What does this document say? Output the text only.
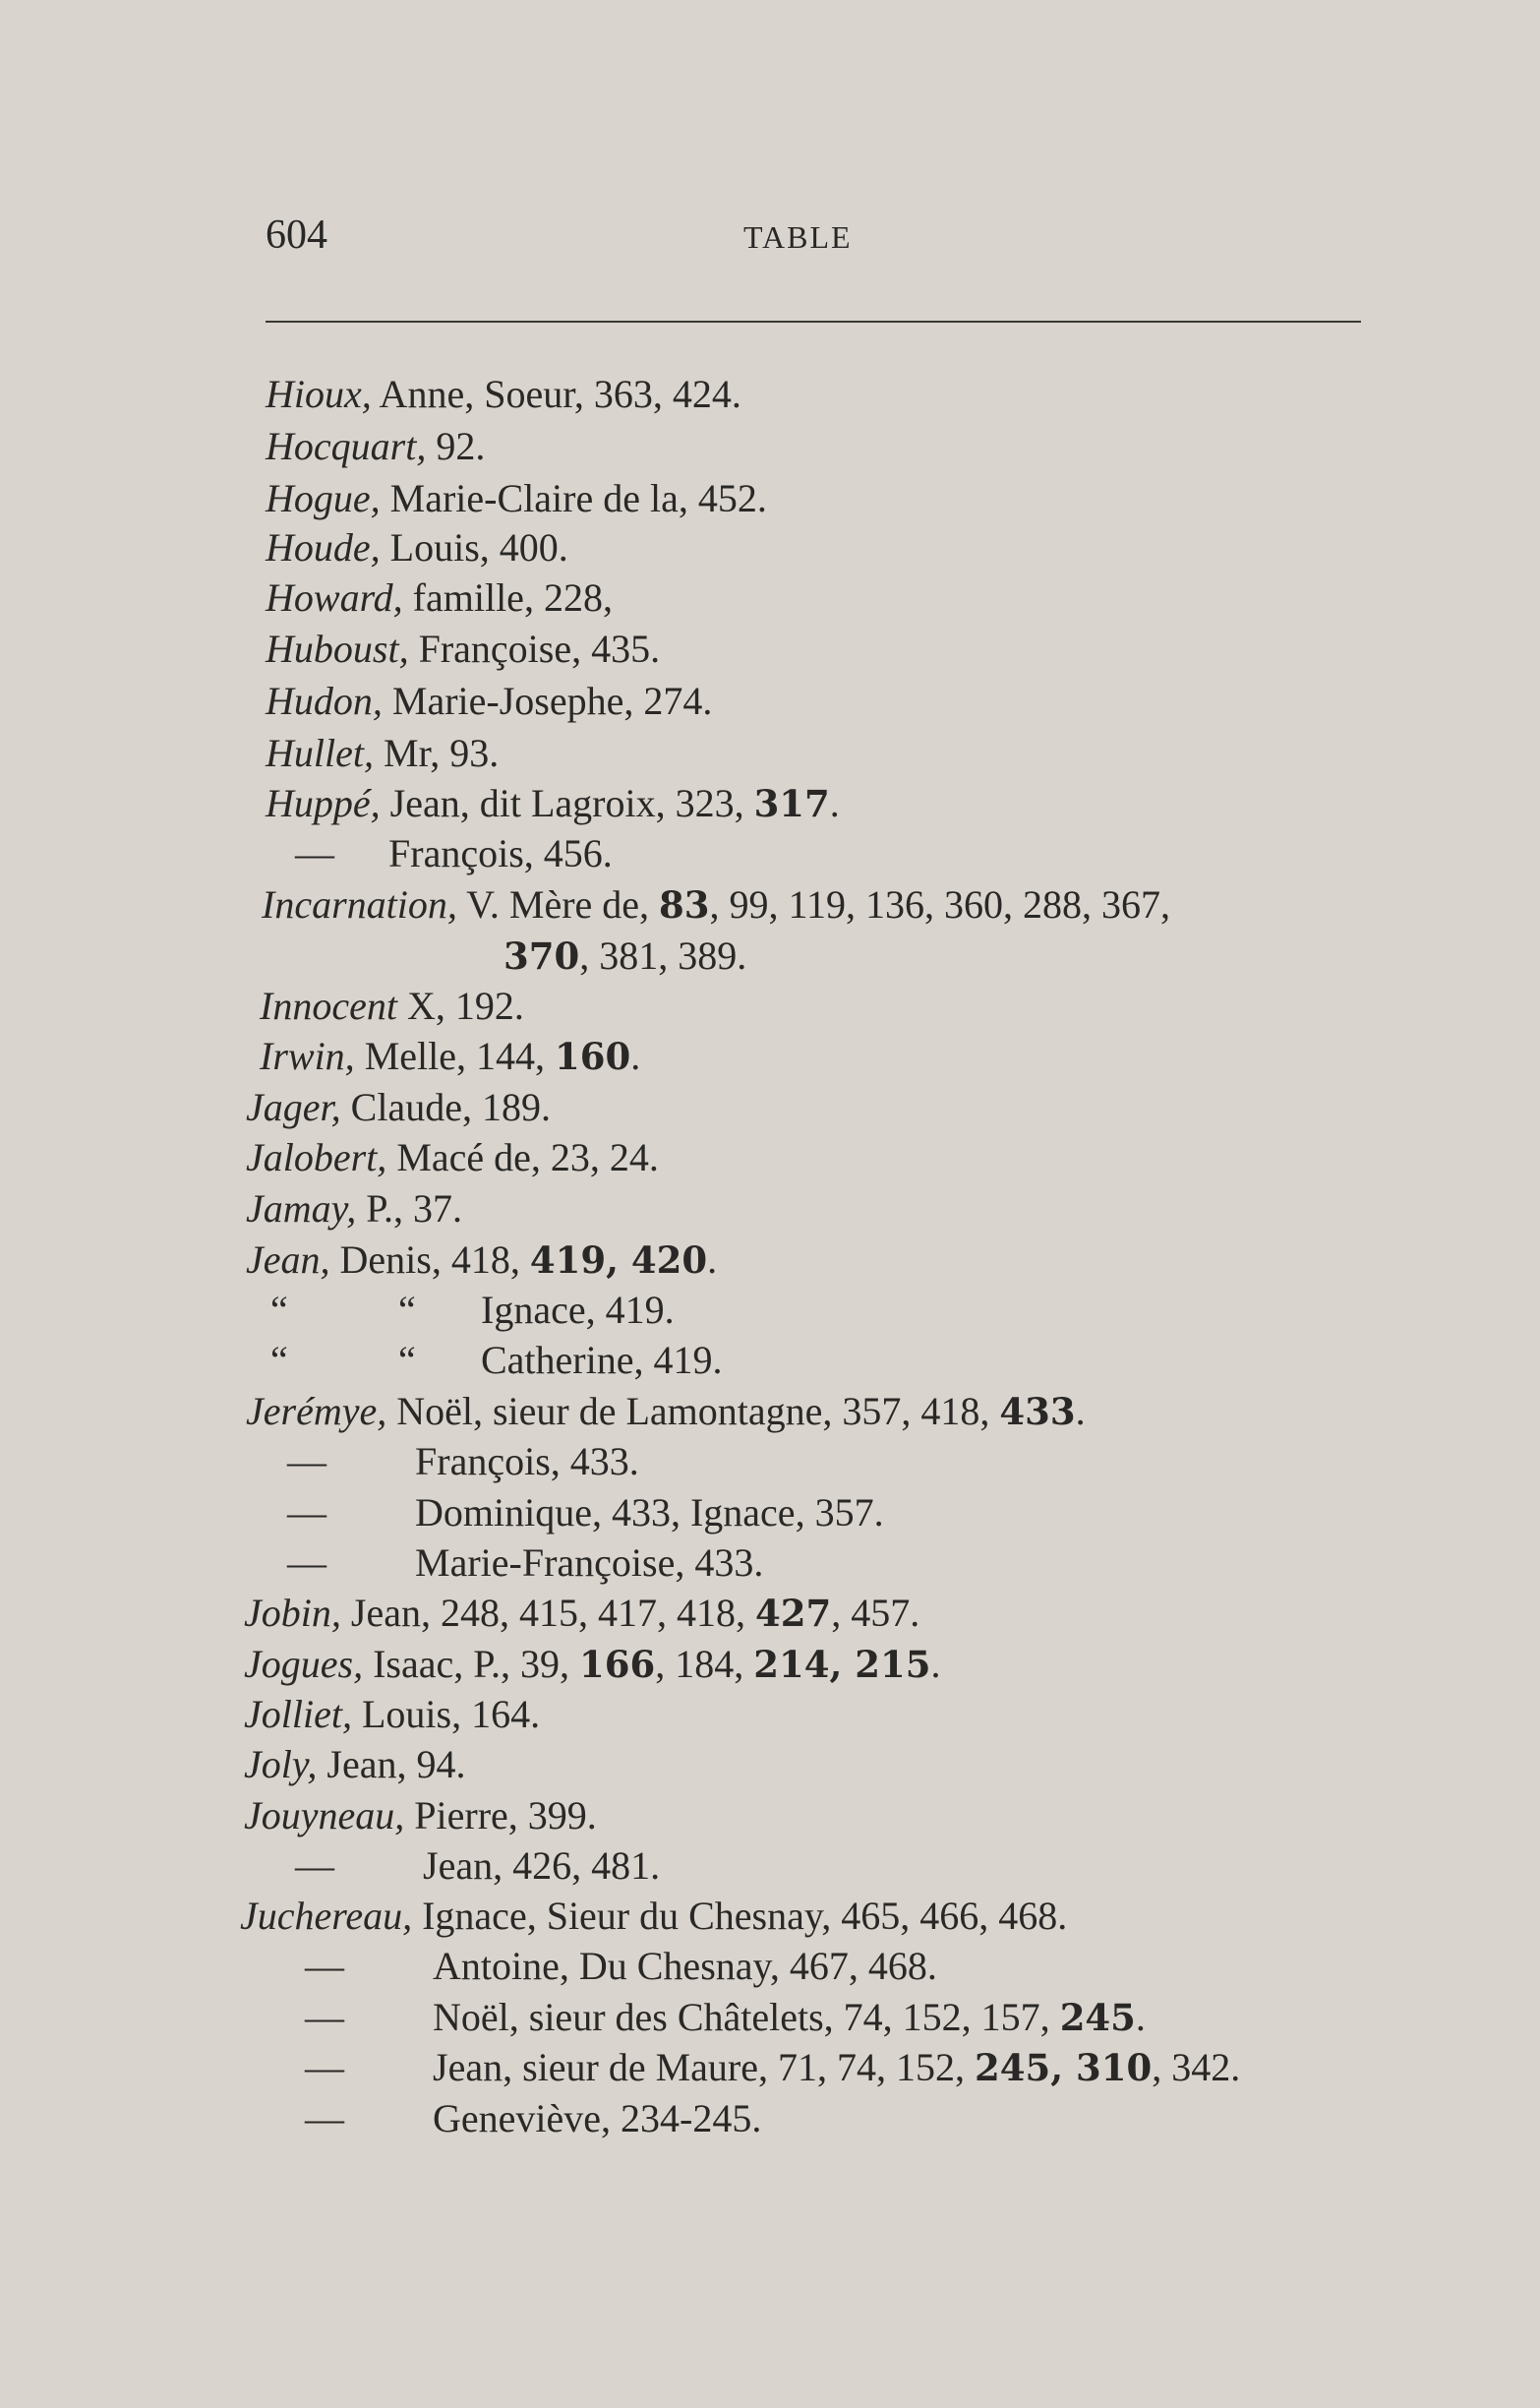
604	TABLE
Hioux, Anne, Soeur, 363, 424.
Hocquart, 92.
Hogue, Marie-Claire de la, 452.
Houde, Louis, 400.
Howard, famille, 228,
Huboust, Françoise, 435.
Hudon, Marie-Josephe, 274.
Hullet, Mr, 93.
Huppé, Jean, dit Lagroix, 323, 317.
— François, 456.
Incarnation, V. Mère de, 83, 99, 119, 136, 360, 288, 367,
370, 381, 389.
Innocent X, 192.
Irwin, Melle, 144, 160.
Jager, Claude, 189.
Jalobert, Macé de, 23, 24.
Jamay, P., 37.
Jean, Denis, 418, 419, 420.
“	“ Ignace, 419.
“	“ Catherine, 419.
Jerémye, Noël, sieur de Lamontagne, 357, 418, 433.
— François, 433.
— Dominique, 433, Ignace, 357.
— Marie-Françoise, 433.
Jobin, Jean, 248, 415, 417, 418, 427, 457.
Jogues, Isaac, P., 39, 166, 184, 214, 215.
Jolliet, Louis, 164.
Joly, Jean, 94.
Jouyneau, Pierre, 399.
— Jean, 426, 481.
Juchereau, Ignace, Sieur du Chesnay, 465, 466, 468.
— Antoine, Du Chesnay, 467, 468.
— Noël, sieur des Châtelets, 74, 152, 157, 245.
— Jean, sieur de Maure, 71, 74, 152, 245, 310, 342.
— Geneviève, 234-245.
